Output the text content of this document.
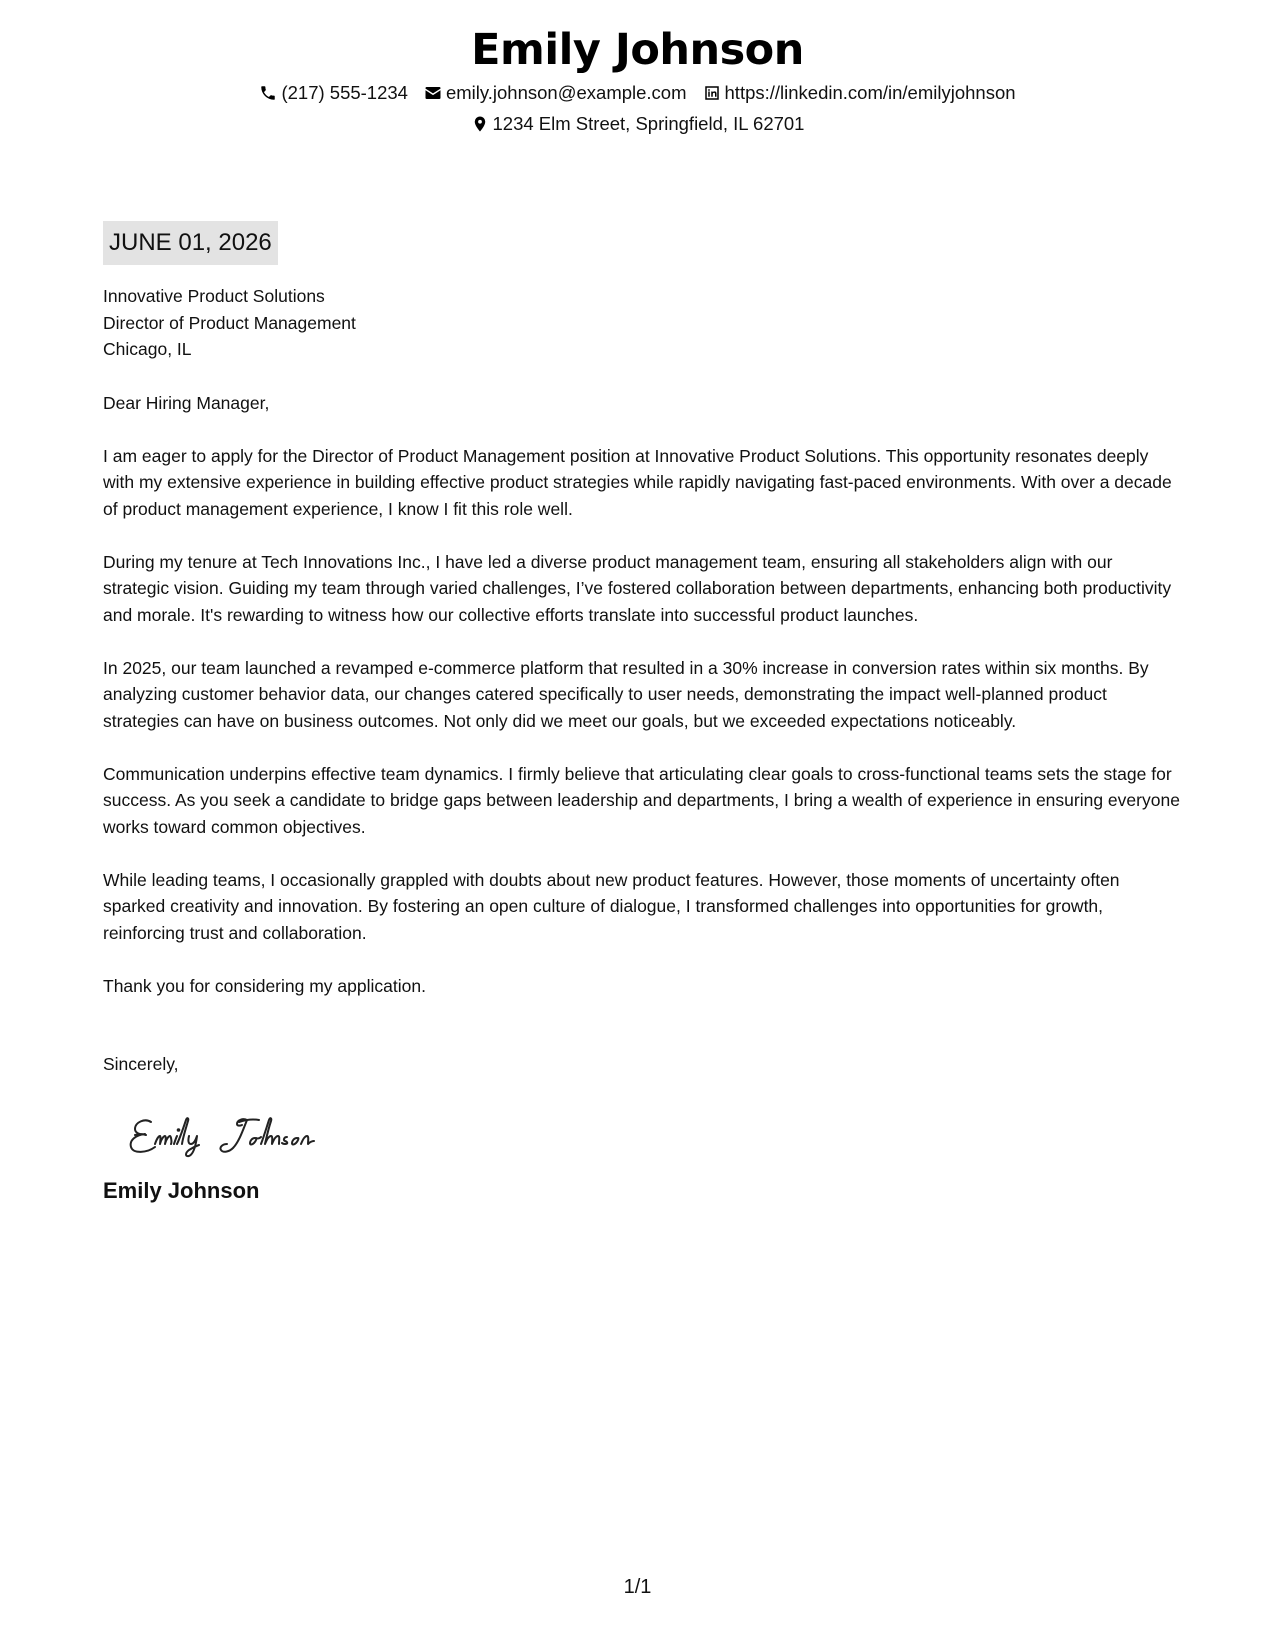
Emily Johnson
(217) 555-1234 emily.johnson@example.com https://linkedin.com/in/emilyjohnson
1234 Elm Street, Springfield, IL 62701
JUNE 01, 2026
Innovative Product Solutions
Director of Product Management
Chicago, IL
Dear Hiring Manager,

I am eager to apply for the Director of Product Management position at Innovative Product Solutions. This opportunity resonates deeply with my extensive experience in building effective product strategies while rapidly navigating fast-paced environments. With over a decade of product management experience, I know I fit this role well.

During my tenure at Tech Innovations Inc., I have led a diverse product management team, ensuring all stakeholders align with our strategic vision. Guiding my team through varied challenges, I’ve fostered collaboration between departments, enhancing both productivity and morale. It's rewarding to witness how our collective efforts translate into successful product launches.

In 2025, our team launched a revamped e-commerce platform that resulted in a 30% increase in conversion rates within six months. By analyzing customer behavior data, our changes catered specifically to user needs, demonstrating the impact well-planned product strategies can have on business outcomes. Not only did we meet our goals, but we exceeded expectations noticeably.

Communication underpins effective team dynamics. I firmly believe that articulating clear goals to cross-functional teams sets the stage for success. As you seek a candidate to bridge gaps between leadership and departments, I bring a wealth of experience in ensuring everyone works toward common objectives.

While leading teams, I occasionally grappled with doubts about new product features. However, those moments of uncertainty often sparked creativity and innovation. By fostering an open culture of dialogue, I transformed challenges into opportunities for growth, reinforcing trust and collaboration.

Thank you for considering my application.
Sincerely,
Emily Johnson
1/1
